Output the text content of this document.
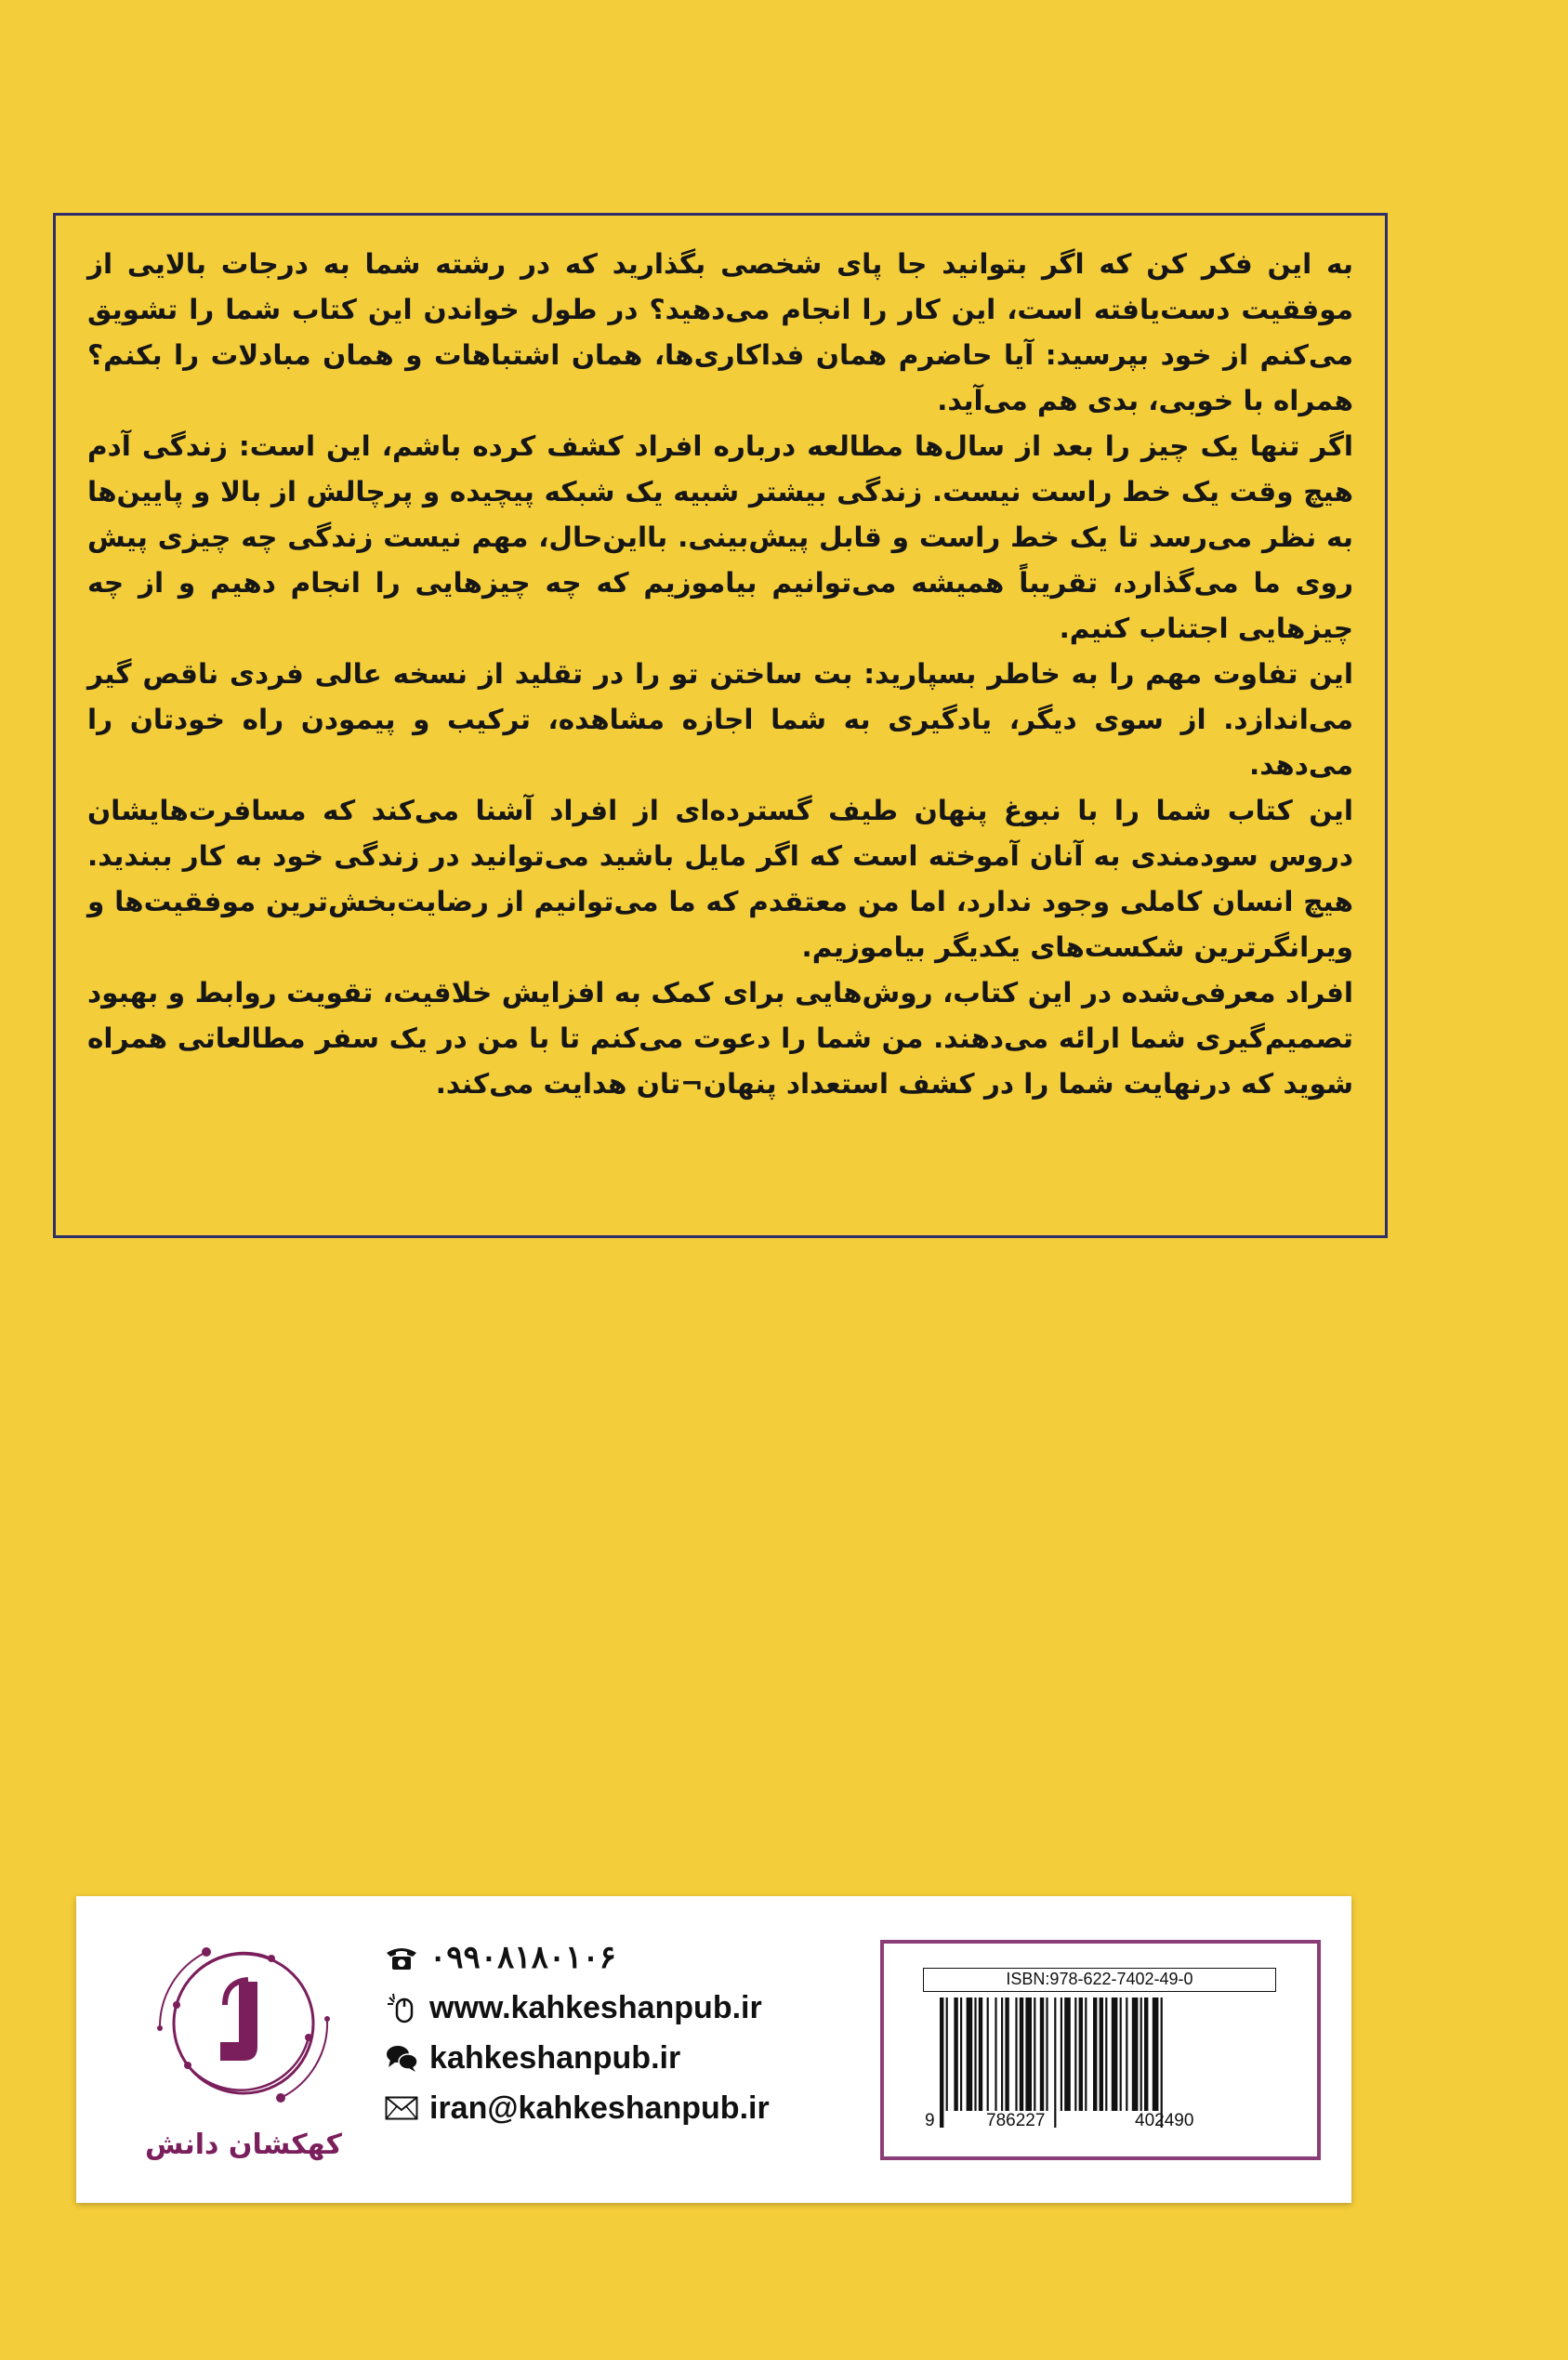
به این فکر کن که اگر بتوانید جا پای شخصی بگذارید که در رشته شما به درجات بالایی از موفقیت دست‌یافته است، این کار را انجام می‌دهید؟ در طول خواندن این کتاب شما را تشویق می‌کنم از خود بپرسید: آیا حاضرم همان فداکاری‌ها، همان اشتباهات و همان مبادلات را بکنم؟ همراه با خوبی، بدی هم می‌آید.

اگر تنها یک چیز را بعد از سال‌ها مطالعه درباره افراد کشف کرده باشم، این است: زندگی آدم هیچ وقت یک خط راست نیست. زندگی بیشتر شبیه یک شبکه پیچیده و پرچالش از بالا و پایین‌ها به نظر می‌رسد تا یک خط راست و قابل پیش‌بینی. بااین‌حال، مهم نیست زندگی چه چیزی پیش روی ما می‌گذارد، تقریباً همیشه می‌توانیم بیاموزیم که چه چیزهایی را انجام دهیم و از چه چیزهایی اجتناب کنیم.

این تفاوت مهم را به خاطر بسپارید: بت ساختن تو را در تقلید از نسخه عالی فردی ناقص گیر می‌اندازد. از سوی دیگر، یادگیری به شما اجازه مشاهده، ترکیب و پیمودن راه خودتان را می‌دهد.

این کتاب شما را با نبوغ پنهان طیف گسترده‌ای از افراد آشنا می‌کند که مسافرت‌هایشان دروس سودمندی به آنان آموخته است که اگر مایل باشید می‌توانید در زندگی خود به کار ببندید. هیچ انسان کاملی وجود ندارد، اما من معتقدم که ما می‌توانیم از رضایت‌بخش‌ترین موفقیت‌ها و ویرانگرترین شکست‌های یکدیگر بیاموزیم.

افراد معرفی‌شده در این کتاب، روش‌هایی برای کمک به افزایش خلاقیت، تقویت روابط و بهبود تصمیم‌گیری شما ارائه می‌دهند. من شما را دعوت می‌کنم تا با من در یک سفر مطالعاتی همراه شوید که درنهایت شما را در کشف استعداد پنهان¬تان هدایت می‌کند.

کهکشان دانش
۰۹۹۰۸۱۸۰۱۰۶
www.kahkeshanpub.ir
kahkeshanpub.ir
iran@kahkeshanpub.ir
ISBN:978-622-7402-49-0
9	786227	402490
